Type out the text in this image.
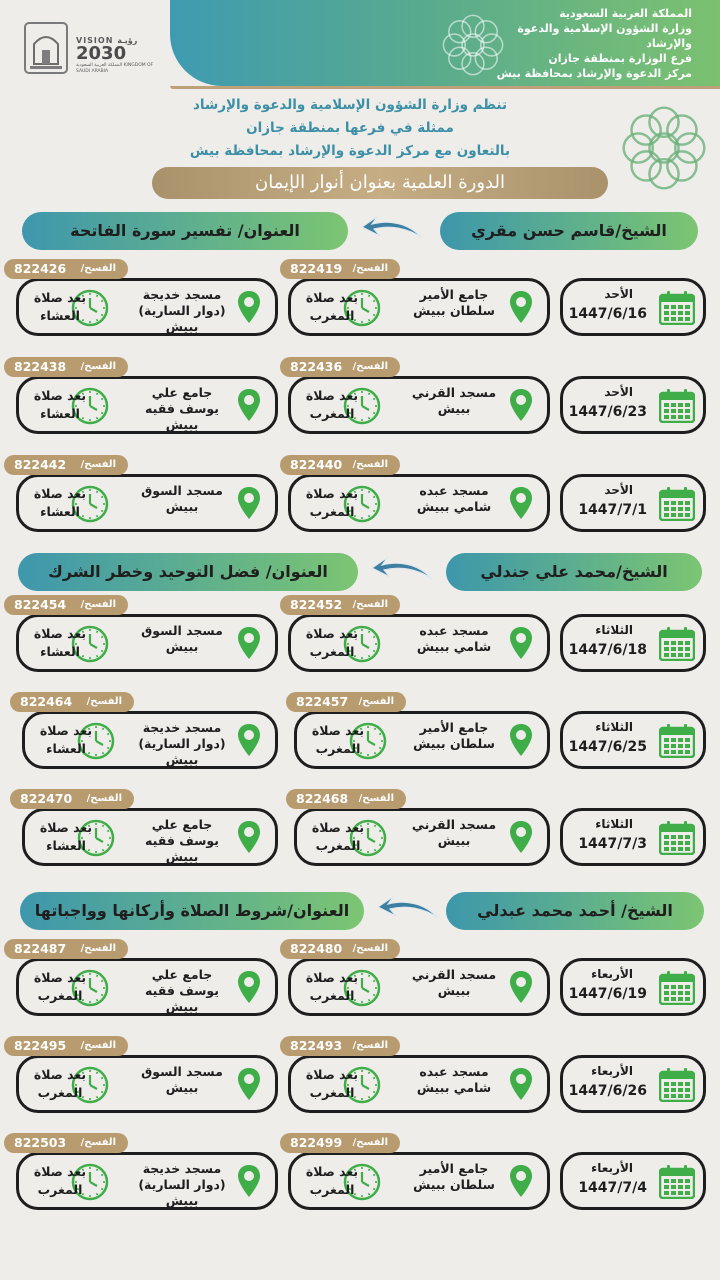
المملكة العربية السعودية
وزارة الشؤون الإسلامية والدعوة والإرشاد
فرع الوزارة بمنطقة جازان
مركز الدعوة والإرشاد بمحافظة بيش
VISION رؤيـة
2030
المملكة العربية السعودية KINGDOM OF SAUDI ARABIA
تنظم وزارة الشؤون الإسلامية والدعوة والإرشاد
ممثلة في فرعها بمنطقة جازان
بالتعاون مع مركز الدعوة والإرشاد بمحافظة بيش
الدورة العلمية بعنوان أنوار الإيمان
الشيخ/قاسم حسن مقري
العنوان/ تفسير سورة الفاتحة
الأحد
1447/6/16
جامع الأمير سلطان ببيش
بعد صلاة المغرب
الفسح/
822419
مسجد خديجة (دوار السارية) ببيش
بعد صلاة العشاء
الفسح/
822426
الأحد
1447/6/23
مسجد القرني ببيش
بعد صلاة المغرب
الفسح/
822436
جامع علي يوسف فقيه ببيش
بعد صلاة العشاء
الفسح/
822438
الأحد
1447/7/1
مسجد عبده شامي ببيش
بعد صلاة المغرب
الفسح/
822440
مسجد السوق ببيش
بعد صلاة العشاء
الفسح/
822442
الشيخ/محمد علي جندلي
العنوان/ فضل التوحيد وخطر الشرك
الثلاثاء
1447/6/18
مسجد عبده شامي ببيش
بعد صلاة المغرب
الفسح/
822452
مسجد السوق ببيش
بعد صلاة العشاء
الفسح/
822454
الثلاثاء
1447/6/25
جامع الأمير سلطان ببيش
بعد صلاة المغرب
الفسح/
822457
مسجد خديجة (دوار السارية) ببيش
بعد صلاة العشاء
الفسح/
822464
الثلاثاء
1447/7/3
مسجد القرني ببيش
بعد صلاة المغرب
الفسح/
822468
جامع علي يوسف فقيه ببيش
بعد صلاة العشاء
الفسح/
822470
الشيخ/ أحمد محمد عبدلي
العنوان/شروط الصلاة وأركانها وواجباتها
الأربعاء
1447/6/19
مسجد القرني ببيش
بعد صلاة المغرب
الفسح/
822480
جامع علي يوسف فقيه ببيش
بعد صلاة المغرب
الفسح/
822487
الأربعاء
1447/6/26
مسجد عبده شامي ببيش
بعد صلاة المغرب
الفسح/
822493
مسجد السوق ببيش
بعد صلاة المغرب
الفسح/
822495
الأربعاء
1447/7/4
جامع الأمير سلطان ببيش
بعد صلاة المغرب
الفسح/
822499
مسجد خديجة (دوار السارية) ببيش
بعد صلاة المغرب
الفسح/
822503
